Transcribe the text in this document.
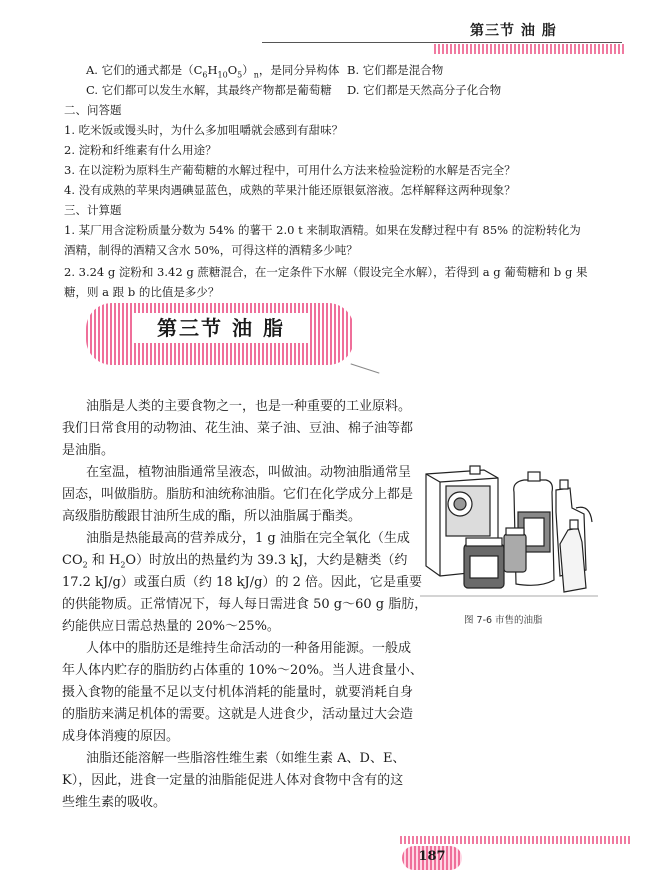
第三节 油 脂
A. 它们的通式都是$(C_6H_{10}O_5)_n$，是同分异构体 B. 它们都是混合物
C. 它们都可以发生水解，其最终产物都是葡萄糖 D. 它们都是天然高分子化合物
二、问答题
1. 吃米饭或馒头时，为什么多加咀嚼就会感到有甜味？
2. 淀粉和纤维素有什么用途？
3. 在以淀粉为原料生产葡萄糖的水解过程中，可用什么方法来检验淀粉的水解是否完全？
4. 没有成熟的苹果肉遇碘显蓝色，成熟的苹果汁能还原银氨溶液。怎样解释这两种现象？
三、计算题
1. 某厂用含淀粉质量分数为 54% 的薯干 2.0 t 来制取酒精。如果在发酵过程中有 85% 的淀粉转化为
酒精，制得的酒精又含水 50%，可得这样的酒精多少吨？
2. 3.24 g 淀粉和 3.42 g 蔗糖混合，在一定条件下水解（假设完全水解），若得到 a g 葡萄糖和 b g 果
糖，则 a 跟 b 的比值是多少？
第三节 油 脂
油脂是人类的主要食物之一，也是一种重要的工业原料。
我们日常食用的动物油、花生油、菜子油、豆油、棉子油等都
是油脂。
在室温，植物油脂通常呈液态，叫做油。动物油脂通常呈
固态，叫做脂肪。脂肪和油统称油脂。它们在化学成分上都是
高级脂肪酸跟甘油所生成的酯，所以油脂属于酯类。
油脂是热能最高的营养成分，1 g 油脂在完全氧化（生成
$CO_2$ 和 $H_2O$）时放出的热量约为 39.3 kJ，大约是糖类（约
17.2 kJ/g）或蛋白质（约 18 kJ/g）的 2 倍。因此，它是重要
的供能物质。正常情况下，每人每日需进食 50 g～60 g 脂肪，
约能供应日需总热量的 20%～25%。
人体中的脂肪还是维持生命活动的一种备用能源。一般成
年人体内贮存的脂肪约占体重的 10%～20%。当人进食量小、
摄入食物的能量不足以支付机体消耗的能量时，就要消耗自身
的脂肪来满足机体的需要。这就是人进食少，活动量过大会造
成身体消瘦的原因。
油脂还能溶解一些脂溶性维生素（如维生素 A、D、E、
K），因此，进食一定量的油脂能促进人体对食物中含有的这
些维生素的吸收。
图 7-6 市售的油脂
187
